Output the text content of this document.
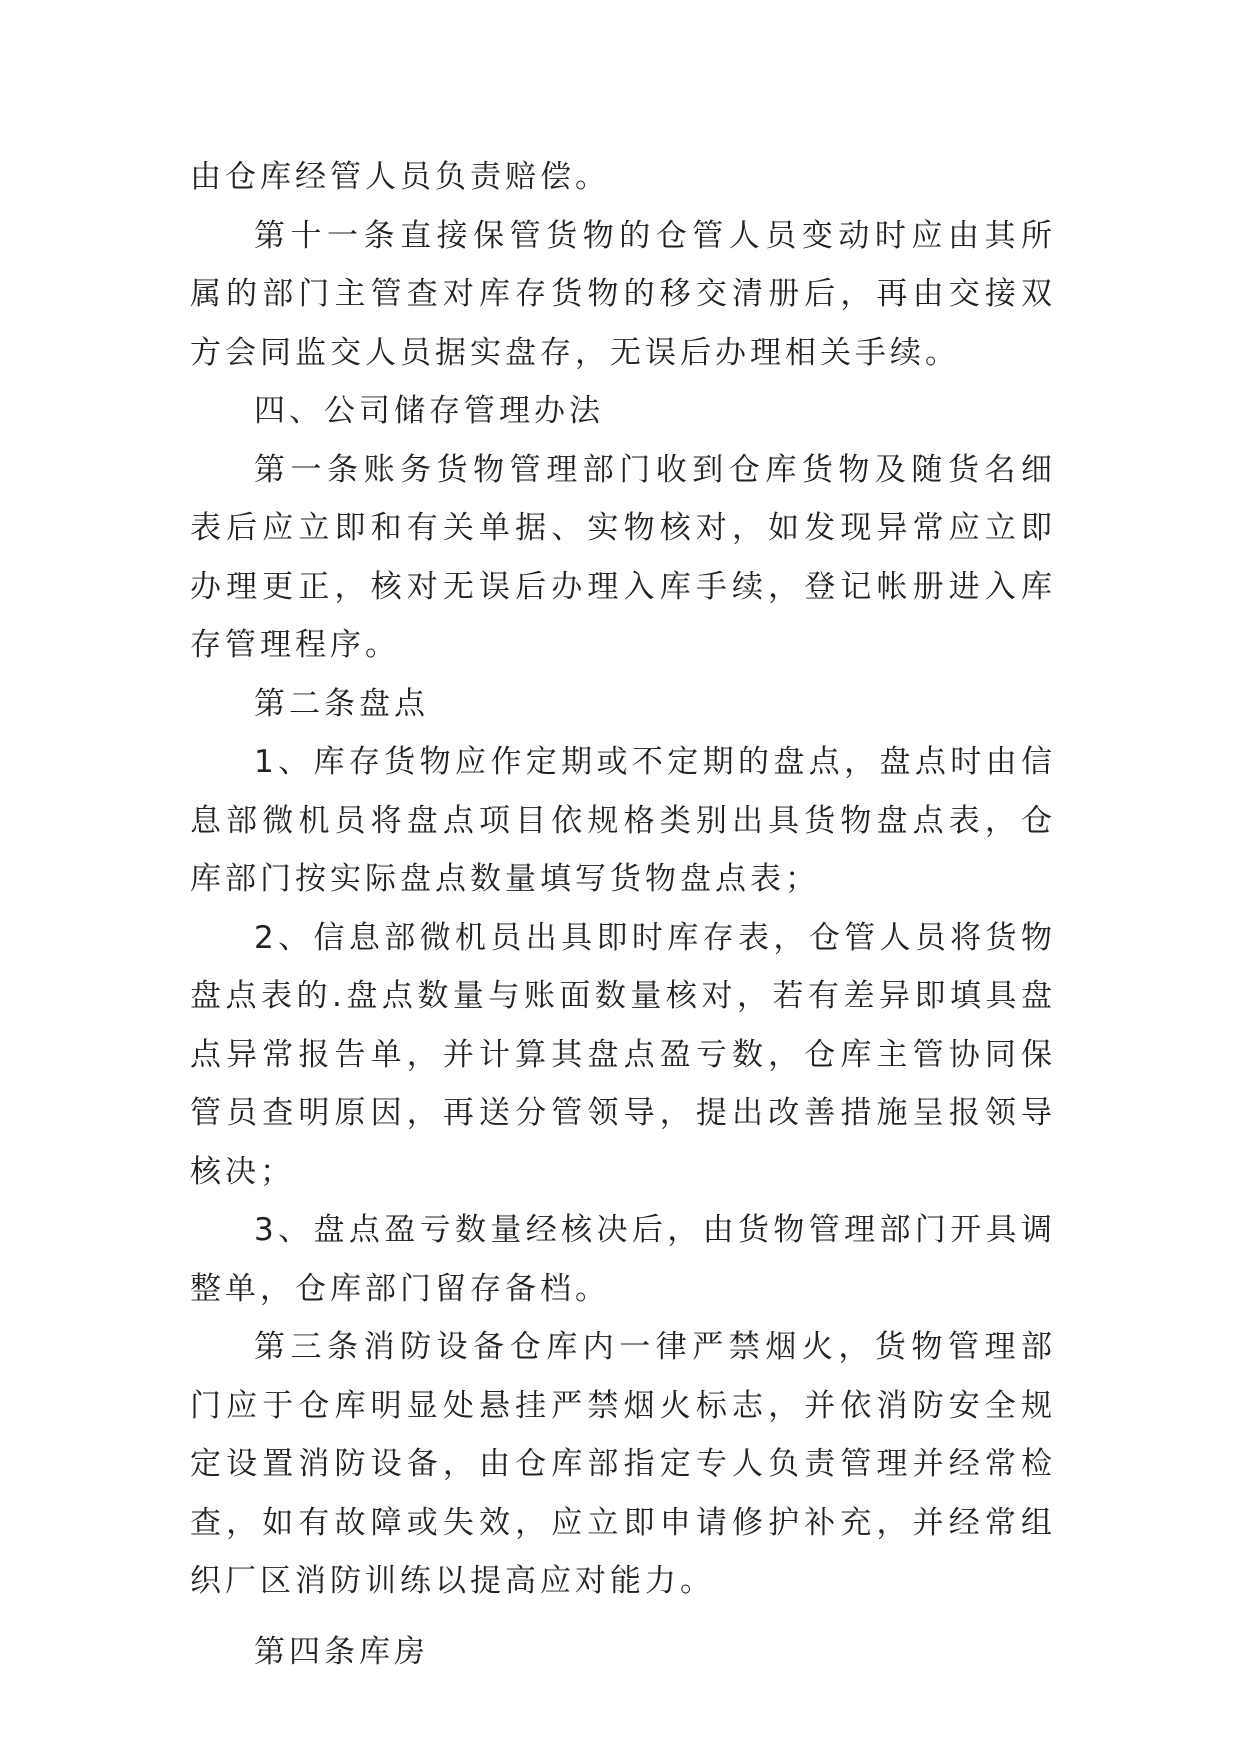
由仓库经管人员负责赔偿。

第十一条直接保管货物的仓管人员变动时应由其所属的部门主管查对库存货物的移交清册后，再由交接双方会同监交人员据实盘存，无误后办理相关手续。

四、公司储存管理办法

第一条账务货物管理部门收到仓库货物及随货名细表后应立即和有关单据、实物核对，如发现异常应立即办理更正，核对无误后办理入库手续，登记帐册进入库存管理程序。

第二条盘点

1、库存货物应作定期或不定期的盘点，盘点时由信息部微机员将盘点项目依规格类别出具货物盘点表，仓库部门按实际盘点数量填写货物盘点表；

2、信息部微机员出具即时库存表，仓管人员将货物盘点表的.盘点数量与账面数量核对，若有差异即填具盘点异常报告单，并计算其盘点盈亏数，仓库主管协同保管员查明原因，再送分管领导，提出改善措施呈报领导核决；

3、盘点盈亏数量经核决后，由货物管理部门开具调整单，仓库部门留存备档。

第三条消防设备仓库内一律严禁烟火，货物管理部门应于仓库明显处悬挂严禁烟火标志，并依消防安全规定设置消防设备，由仓库部指定专人负责管理并经常检查，如有故障或失效，应立即申请修护补充，并经常组织厂区消防训练以提高应对能力。

第四条库房
